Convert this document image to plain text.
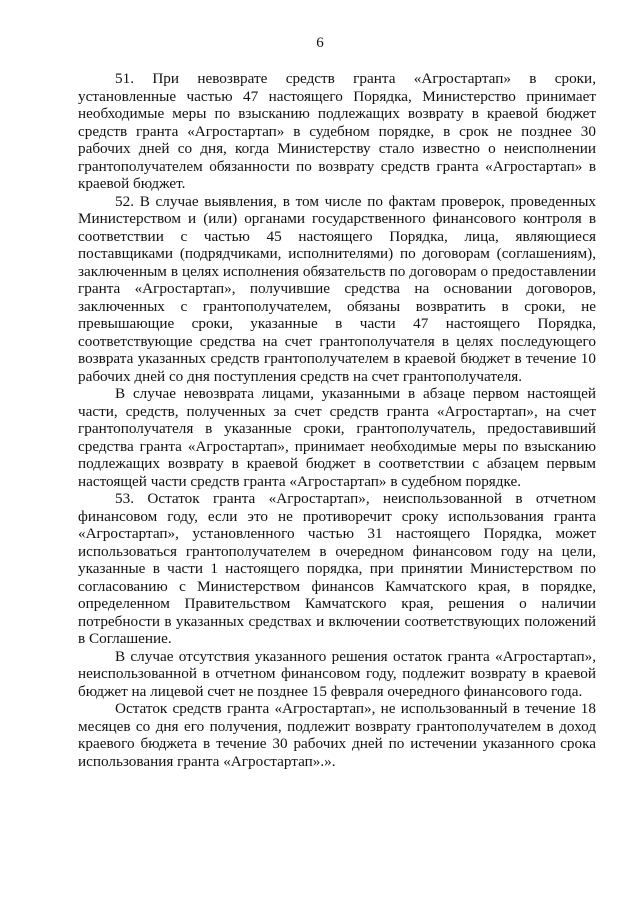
6

51. При невозврате средств гранта «Агростартап» в сроки, установленные частью 47 настоящего Порядка, Министерство принимает необходимые меры по взысканию подлежащих возврату в краевой бюджет средств гранта «Агростартап» в судебном порядке, в срок не позднее 30 рабочих дней со дня, когда Министерству стало известно о неисполнении грантополучателем обязанности по возврату средств гранта «Агростартап» в краевой бюджет.

52. В случае выявления, в том числе по фактам проверок, проведенных Министерством и (или) органами государственного финансового контроля в соответствии с частью 45 настоящего Порядка, лица, являющиеся поставщиками (подрядчиками, исполнителями) по договорам (соглашениям), заключенным в целях исполнения обязательств по договорам о предоставлении гранта «Агростартап», получившие средства на основании договоров, заключенных с грантополучателем, обязаны возвратить в сроки, не превышающие сроки, указанные в части 47 настоящего Порядка, соответствующие средства на счет грантополучателя в целях последующего возврата указанных средств грантополучателем в краевой бюджет в течение 10 рабочих дней со дня поступления средств на счет грантополучателя.

В случае невозврата лицами, указанными в абзаце первом настоящей части, средств, полученных за счет средств гранта «Агростартап», на счет грантополучателя в указанные сроки, грантополучатель, предоставивший средства гранта «Агростартап», принимает необходимые меры по взысканию подлежащих возврату в краевой бюджет в соответствии с абзацем первым настоящей части средств гранта «Агростартап» в судебном порядке.

53. Остаток гранта «Агростартап», неиспользованной в отчетном финансовом году, если это не противоречит сроку использования гранта «Агростартап», установленного частью 31 настоящего Порядка, может использоваться грантополучателем в очередном финансовом году на цели, указанные в части 1 настоящего порядка, при принятии Министерством по согласованию с Министерством финансов Камчатского края, в порядке, определенном Правительством Камчатского края, решения о наличии потребности в указанных средствах и включении соответствующих положений в Соглашение.

В случае отсутствия указанного решения остаток гранта «Агростартап», неиспользованной в отчетном финансовом году, подлежит возврату в краевой бюджет на лицевой счет не позднее 15 февраля очередного финансового года.

Остаток средств гранта «Агростартап», не использованный в течение 18 месяцев со дня его получения, подлежит возврату грантополучателем в доход краевого бюджета в течение 30 рабочих дней по истечении указанного срока использования гранта «Агростартап».».
